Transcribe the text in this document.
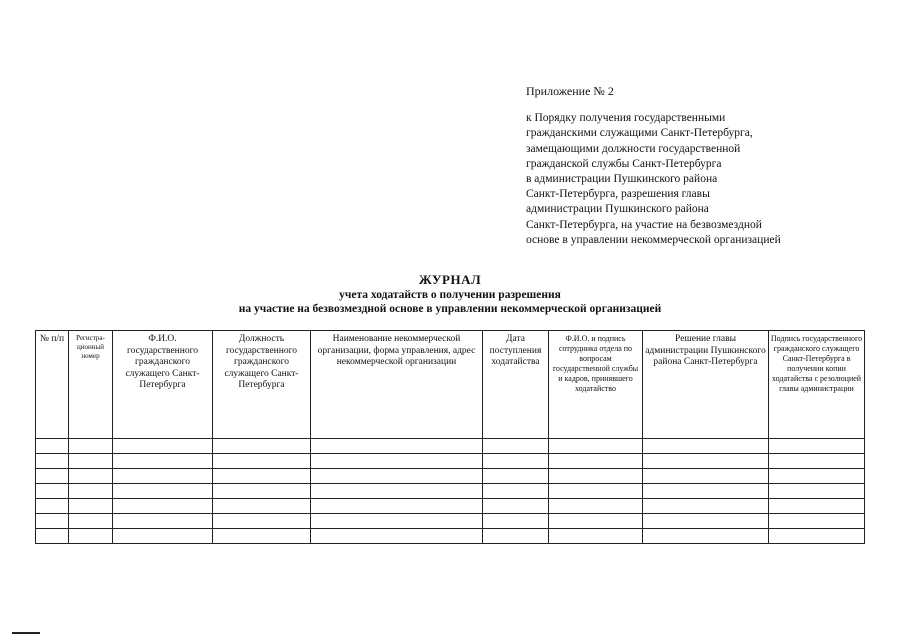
Приложение № 2
к Порядку получения государственными
гражданскими служащими Санкт-Петербурга,
замещающими должности государственной
гражданской службы Санкт-Петербурга
в администрации Пушкинского района
Санкт-Петербурга, разрешения главы
администрации Пушкинского района
Санкт-Петербурга, на участие на безвозмездной
основе в управлении некоммерческой организацией
ЖУРНАЛ
учета ходатайств о получении разрешения
на участие на безвозмездной основе в управлении некоммерческой организацией
№ п/п	Регистра-ционный номер	Ф.И.О. государственного гражданского служащего Санкт-Петербурга	Должность государственного гражданского служащего Санкт-Петербурга	Наименование некоммерческой организации, форма управления, адрес некоммерческой организации	Дата поступления ходатайства	Ф.И.О. и подпись сотрудника отдела по вопросам государственной службы и кадров, принявшего ходатайство	Решение главы администрации Пушкинского района Санкт-Петербурга	Подпись государственного гражданского служащего Санкт-Петербурга в получении копии ходатайства с резолюцией главы администрации
